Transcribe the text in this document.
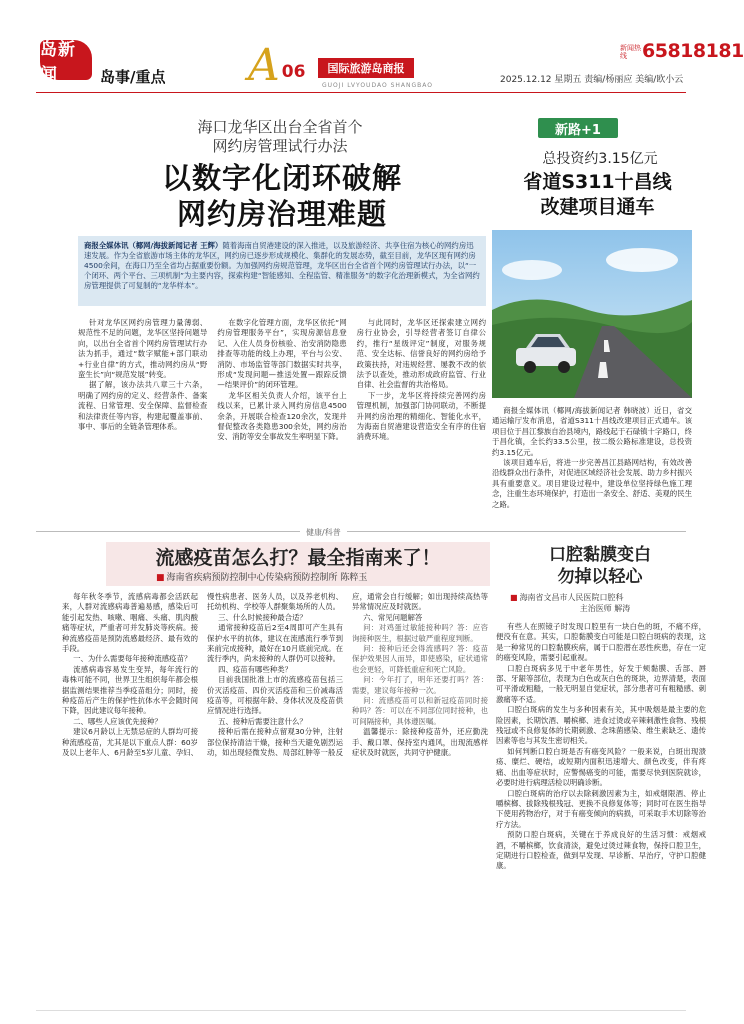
岛新闻	岛事/重点 A 06	国际旅游岛商报
GUOJI LVYOUDAO SHANGBAO
2025.12.12 星期五 责编/杨丽应 美编/欧小云
新闻热线 65818181
海口龙华区出台全省首个
网约房管理试行办法
以数字化闭环破解
网约房治理难题
商报全媒体讯（椰网/海拔新闻记者 王辉）随着海南自贸港建设的深入推进，以及旅游经济、共享住宿为核心的网约房迅速发展。作为全省旅游市场主体的龙华区，网约房已逐步形成规模化、集群化的发展态势，截至目前，龙华区现有网约房4500余间，在海口乃至全省均占据重要份额。为加强网约房规范管理，龙华区出台全省首个网约房管理试行办法，以“一个闭环、两个平台、三项机制”为主要内容，探索构建“智能感知、全程监管、精准服务”的数字化治理新模式，为全省网约房管理提供了可复制的“龙华样本”。

针对龙华区网约房管理力量薄弱、规范性不足的问题，龙华区坚持问题导向，以出台全省首个网约房管理试行办法为抓手，通过“数字赋能+部门联动+行业自律”的方式，推动网约房从“野蛮生长”向“规范发展”转变。

据了解，该办法共八章三十六条，明确了网约房的定义、经营条件、备案流程、日常管理、安全保障、监督检查和法律责任等内容，构建起覆盖事前、事中、事后的全链条管理体系。

在数字化管理方面，龙华区依托“网约房管理服务平台”，实现房源信息登记、入住人员身份核验、治安消防隐患排查等功能的线上办理，平台与公安、消防、市场监管等部门数据实时共享，形成“发现问题—推送处置—跟踪反馈—结果评价”的闭环管理。

龙华区相关负责人介绍，该平台上线以来，已累计录入网约房信息4500余条，开展联合检查120余次，发现并督促整改各类隐患300余处，网约房治安、消防等安全事故发生率明显下降。

与此同时，龙华区还探索建立网约房行业协会，引导经营者签订自律公约，推行“星级评定”制度，对服务规范、安全达标、信誉良好的网约房给予政策扶持，对违规经营、屡教不改的依法予以查处，推动形成政府监管、行业自律、社会监督的共治格局。

下一步，龙华区将持续完善网约房管理机制，加强部门协同联动，不断提升网约房治理的精细化、智能化水平，为海南自贸港建设营造安全有序的住宿消费环境。

新路+1
总投资约3.15亿元
省道S311十昌线
改建项目通车

商报全媒体讯（椰网/海拔新闻记者 韩晓波）近日，省交通运输厅发布消息，省道S311十昌线改建项目正式通车。该项目位于昌江黎族自治县境内，路线起于石碌镇十字路口，终于昌化镇，全长约33.5公里，按二级公路标准建设，总投资约3.15亿元。

该项目通车后，将进一步完善昌江县路网结构，有效改善沿线群众出行条件，对促进区域经济社会发展、助力乡村振兴具有重要意义。项目建设过程中，建设单位坚持绿色施工理念，注重生态环境保护，打造出一条安全、舒适、美观的民生之路。

健康/科普
流感疫苗怎么打？最全指南来了！
■ 海南省疾病预防控制中心传染病预防控制所 陈粹玉

每年秋冬季节，流感病毒都会活跃起来，人群对流感病毒普遍易感，感染后可能引起发热、咳嗽、咽痛、头痛、肌肉酸痛等症状，严重者可并发肺炎等疾病。接种流感疫苗是预防流感最经济、最有效的手段。

一、为什么需要每年接种流感疫苗？

流感病毒容易发生变异，每年流行的毒株可能不同，世界卫生组织每年都会根据监测结果推荐当季疫苗组分；同时，接种疫苗后产生的保护性抗体水平会随时间下降，因此建议每年接种。

二、哪些人应该优先接种？

建议6月龄以上无禁忌症的人群均可接种流感疫苗，尤其是以下重点人群：60岁及以上老年人、6月龄至5岁儿童、孕妇、慢性病患者、医务人员，以及养老机构、托幼机构、学校等人群聚集场所的人员。

三、什么时候接种最合适？

通常接种疫苗后2至4周即可产生具有保护水平的抗体，建议在流感流行季节到来前完成接种，最好在10月底前完成。在流行季内，尚未接种的人群仍可以接种。

四、疫苗有哪些种类？

目前我国批准上市的流感疫苗包括三价灭活疫苗、四价灭活疫苗和三价减毒活疫苗等，可根据年龄、身体状况及疫苗供应情况进行选择。

五、接种后需要注意什么？

接种后需在接种点留观30分钟，注射部位保持清洁干燥，接种当天避免剧烈运动，如出现轻微发热、局部红肿等一般反应，通常会自行缓解；如出现持续高热等异常情况应及时就医。

六、常见问题解答

问：对鸡蛋过敏能接种吗？答：应咨询接种医生，根据过敏严重程度判断。

问：接种后还会得流感吗？答：疫苗保护效果因人而异，即使感染，症状通常也会更轻，可降低重症和死亡风险。

问：今年打了，明年还要打吗？答：需要，建议每年接种一次。

问：流感疫苗可以和新冠疫苗同时接种吗？答：可以在不同部位同时接种，也可间隔接种，具体遵医嘱。

温馨提示：除接种疫苗外，还应勤洗手、戴口罩、保持室内通风，出现流感样症状及时就医，共同守护健康。

口腔黏膜变白
勿掉以轻心
■ 海南省文昌市人民医院口腔科
主治医师 解涛

有些人在照镜子时发现口腔里有一块白色的斑，不痛不痒，便没有在意。其实，口腔黏膜变白可能是口腔白斑病的表现，这是一种常见的口腔黏膜疾病，属于口腔潜在恶性疾患，存在一定的癌变风险，需要引起重视。

口腔白斑病多见于中老年男性，好发于颊黏膜、舌部、唇部、牙龈等部位，表现为白色或灰白色的斑块，边界清楚，表面可平滑或粗糙，一般无明显自觉症状，部分患者可有粗糙感、刺激痛等不适。

口腔白斑病的发生与多种因素有关，其中吸烟是最主要的危险因素，长期饮酒、嚼槟榔、进食过烫或辛辣刺激性食物、残根残冠或不良修复体的长期刺激、念珠菌感染、维生素缺乏、遗传因素等也与其发生密切相关。

如何判断口腔白斑是否有癌变风险？一般来说，白斑出现溃疡、糜烂、硬结，或短期内面积迅速增大、颜色改变，伴有疼痛、出血等症状时，应警惕癌变的可能，需要尽快到医院就诊，必要时进行病理活检以明确诊断。

口腔白斑病的治疗以去除刺激因素为主，如戒烟限酒、停止嚼槟榔、拔除残根残冠、更换不良修复体等；同时可在医生指导下使用药物治疗，对于有癌变倾向的病损，可采取手术切除等治疗方法。

预防口腔白斑病，关键在于养成良好的生活习惯：戒烟戒酒，不嚼槟榔，饮食清淡，避免过烫过辣食物，保持口腔卫生，定期进行口腔检查，做到早发现、早诊断、早治疗，守护口腔健康。
